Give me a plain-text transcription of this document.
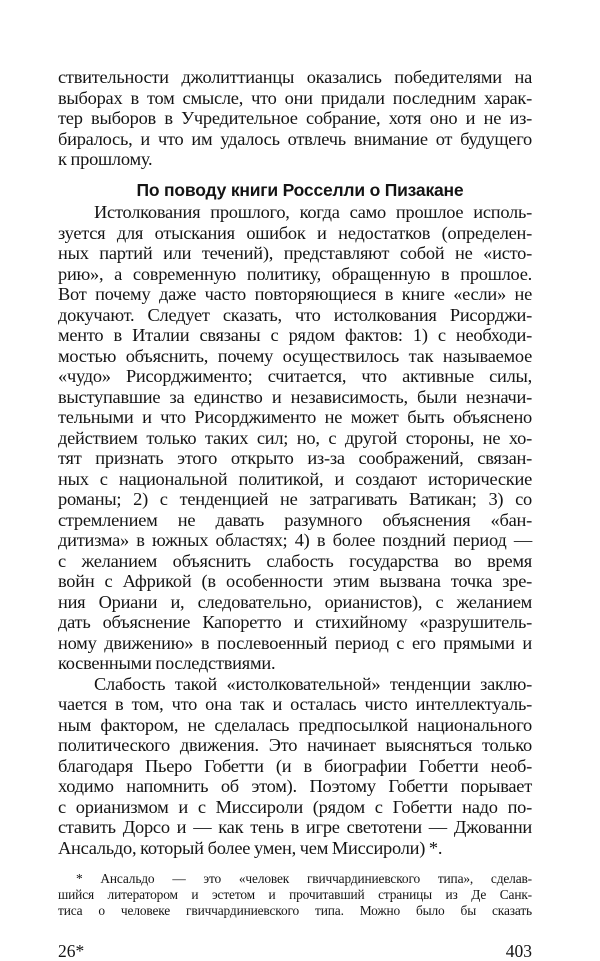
ствительности джолиттианцы оказались победителями на

выборах в том смысле, что они придали последним харак-

тер выборов в Учредительное собрание, хотя оно и не из-

биралось, и что им удалось отвлечь внимание от будущего

к прошлому.

По поводу книги Росселли о Пизакане

Истолкования прошлого, когда само прошлое исполь-

зуется для отыскания ошибок и недостатков (определен-

ных партий или течений), представляют собой не «исто-

рию», а современную политику, обращенную в прошлое.

Вот почему даже часто повторяющиеся в книге «если» не

докучают. Следует сказать, что истолкования Рисорджи-

менто в Италии связаны с рядом фактов: 1) с необходи-

мостью объяснить, почему осуществилось так называемое

«чудо» Рисорджименто; считается, что активные силы,

выступавшие за единство и независимость, были незначи-

тельными и что Рисорджименто не может быть объяснено

действием только таких сил; но, с другой стороны, не хо-

тят признать этого открыто из-за соображений, связан-

ных с национальной политикой, и создают исторические

романы; 2) с тенденцией не затрагивать Ватикан; 3) со

стремлением не давать разумного объяснения «бан-

дитизма» в южных областях; 4) в более поздний период —

с желанием объяснить слабость государства во время

войн с Африкой (в особенности этим вызвана точка зре-

ния Ориани и, следовательно, орианистов), с желанием

дать объяснение Капоретто и стихийному «разрушитель-

ному движению» в послевоенный период с его прямыми и

косвенными последствиями.

Слабость такой «истолковательной» тенденции заклю-

чается в том, что она так и осталась чисто интеллектуаль-

ным фактором, не сделалась предпосылкой национального

политического движения. Это начинает выясняться только

благодаря Пьеро Гобетти (и в биографии Гобетти необ-

ходимо напомнить об этом). Поэтому Гобетти порывает

с орианизмом и с Миссироли (рядом с Гобетти надо по-

ставить Дорсо и — как тень в игре светотени — Джованни

Ансальдо, который более умен, чем Миссироли) *.

* Ансальдо — это «человек гвиччардиниевского типа», сделав-

шийся литератором и эстетом и прочитавший страницы из Де Санк-

тиса о человеке гвиччардиниевского типа. Можно было бы сказать

26*	403
